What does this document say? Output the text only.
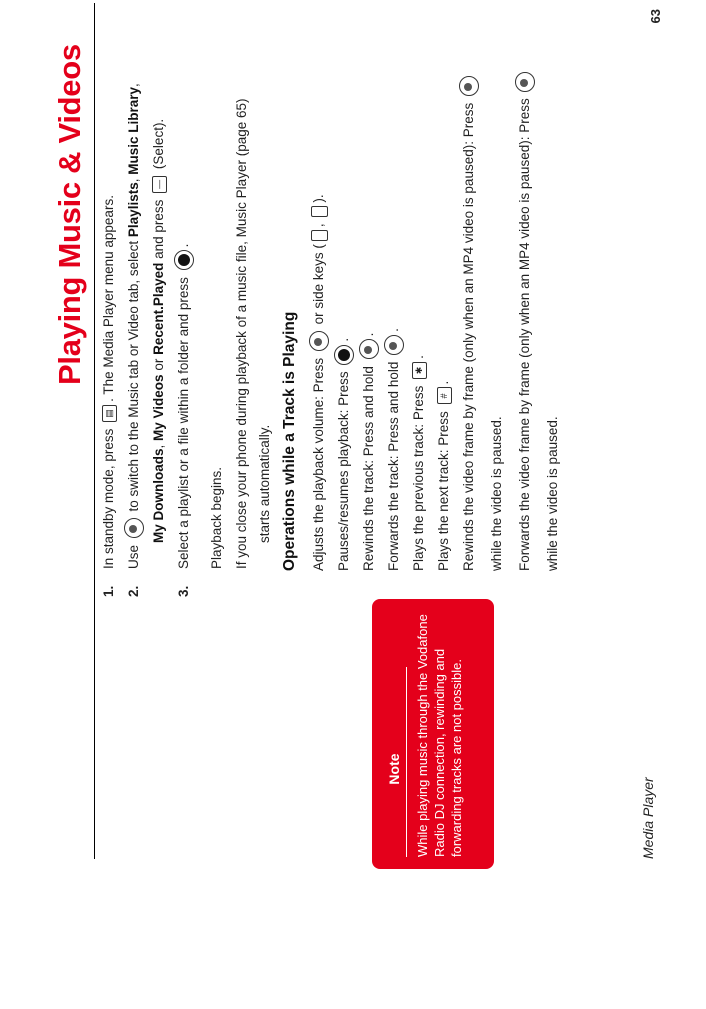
Playing Music & Videos
1.
In standby mode, press ▤. The Media Player menu appears.
2.
Use  to switch to the Music tab or Video tab, select Playlists, Music Library,
My Downloads, My Videos or Recent.Played and press — (Select).
3.
Select a playlist or a file within a folder and press .
Playback begins. If you close your phone during playback of a music file, Music Player (page 65) starts automatically. Operations while a Track is Playing Adjusts the playback volume: Press  or side keys (, ).
Pauses/resumes playback: Press .
Rewinds the track: Press and hold .
Forwards the track: Press and hold .
Plays the previous track: Press ✱.
Plays the next track: Press #. Rewinds the video frame by frame (only when an MP4 video is paused): Press while the video is paused. Forwards the video frame by frame (only when an MP4 video is paused): Press while the video is paused.
Note While playing music through the Vodafone Radio DJ connection, rewinding and forwarding tracks are not possible.	Media Player
63
